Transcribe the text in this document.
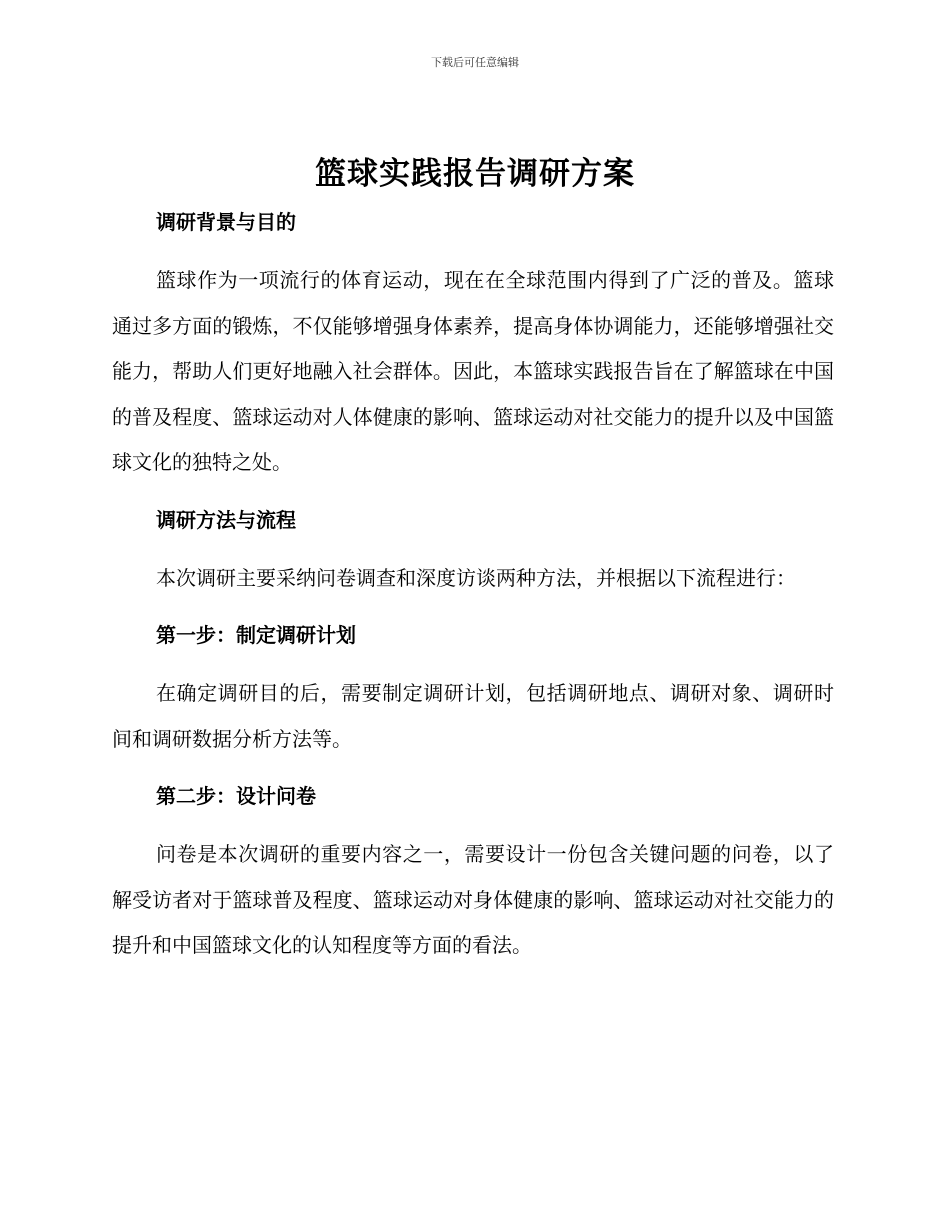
下载后可任意编辑
篮球实践报告调研方案
调研背景与目的

篮球作为一项流行的体育运动，现在在全球范围内得到了广泛的普及。篮球通过多方面的锻炼，不仅能够增强身体素养，提高身体协调能力，还能够增强社交能力，帮助人们更好地融入社会群体。因此，本篮球实践报告旨在了解篮球在中国的普及程度、篮球运动对人体健康的影响、篮球运动对社交能力的提升以及中国篮球文化的独特之处。

调研方法与流程

本次调研主要采纳问卷调查和深度访谈两种方法，并根据以下流程进行：

第一步：制定调研计划

在确定调研目的后，需要制定调研计划，包括调研地点、调研对象、调研时间和调研数据分析方法等。

第二步：设计问卷

问卷是本次调研的重要内容之一，需要设计一份包含关键问题的问卷，以了解受访者对于篮球普及程度、篮球运动对身体健康的影响、篮球运动对社交能力的提升和中国篮球文化的认知程度等方面的看法。
